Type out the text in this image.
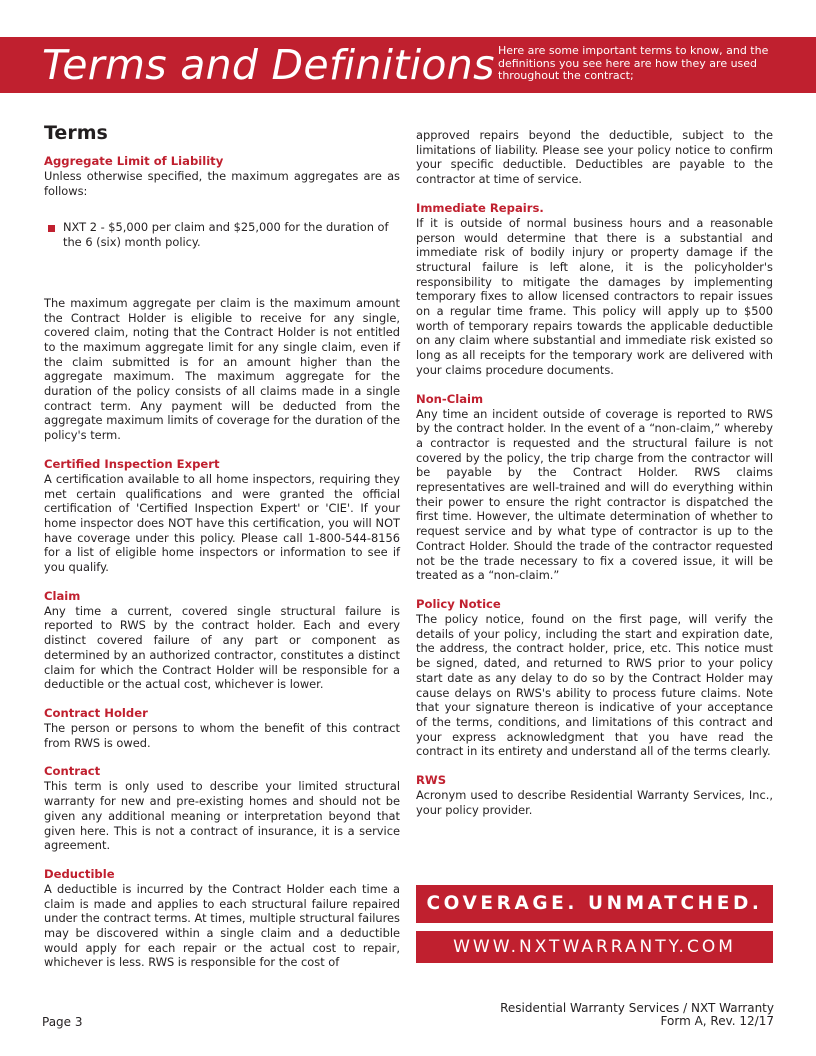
Terms and Definitions Here are some important terms to know, and the definitions you see here are how they are used throughout the contract;
Terms

Aggregate Limit of Liability

Unless otherwise specified, the maximum aggregates are as follows:

NXT 2 - $5,000 per claim and $25,000 for the duration of the 6 (six) month policy.

The maximum aggregate per claim is the maximum amount the Contract Holder is eligible to receive for any single, covered claim, noting that the Contract Holder is not entitled to the maximum aggregate limit for any single claim, even if the claim submitted is for an amount higher than the aggregate maximum. The maximum aggregate for the duration of the policy consists of all claims made in a single contract term. Any payment will be deducted from the aggregate maximum limits of coverage for the duration of the policy's term.

Certified Inspection Expert

A certification available to all home inspectors, requiring they met certain qualifications and were granted the official certification of 'Certified Inspection Expert' or 'CIE'. If your home inspector does NOT have this certification, you will NOT have coverage under this policy. Please call 1-800-544-8156 for a list of eligible home inspectors or information to see if you qualify.

Claim

Any time a current, covered single structural failure is reported to RWS by the contract holder. Each and every distinct covered failure of any part or component as determined by an authorized contractor, constitutes a distinct claim for which the Contract Holder will be responsible for a deductible or the actual cost, whichever is lower.

Contract Holder

The person or persons to whom the benefit of this contract from RWS is owed.

Contract

This term is only used to describe your limited structural warranty for new and pre-existing homes and should not be given any additional meaning or interpretation beyond that given here. This is not a contract of insurance, it is a service agreement.

Deductible

A deductible is incurred by the Contract Holder each time a claim is made and applies to each structural failure repaired under the contract terms. At times, multiple structural failures may be discovered within a single claim and a deductible would apply for each repair or the actual cost to repair, whichever is less. RWS is responsible for the cost of

approved repairs beyond the deductible, subject to the limitations of liability. Please see your policy notice to confirm your specific deductible. Deductibles are payable to the contractor at time of service.

Immediate Repairs.

If it is outside of normal business hours and a reasonable person would determine that there is a substantial and immediate risk of bodily injury or property damage if the structural failure is left alone, it is the policyholder's responsibility to mitigate the damages by implementing temporary fixes to allow licensed contractors to repair issues on a regular time frame. This policy will apply up to $500 worth of temporary repairs towards the applicable deductible on any claim where substantial and immediate risk existed so long as all receipts for the temporary work are delivered with your claims procedure documents.

Non-Claim

Any time an incident outside of coverage is reported to RWS by the contract holder. In the event of a “non-claim,” whereby a contractor is requested and the structural failure is not covered by the policy, the trip charge from the contractor will be payable by the Contract Holder. RWS claims representatives are well-trained and will do everything within their power to ensure the right contractor is dispatched the first time. However, the ultimate determination of whether to request service and by what type of contractor is up to the Contract Holder. Should the trade of the contractor requested not be the trade necessary to fix a covered issue, it will be treated as a “non-claim.”

Policy Notice

The policy notice, found on the first page, will verify the details of your policy, including the start and expiration date, the address, the contract holder, price, etc. This notice must be signed, dated, and returned to RWS prior to your policy start date as any delay to do so by the Contract Holder may cause delays on RWS's ability to process future claims. Note that your signature thereon is indicative of your acceptance of the terms, conditions, and limitations of this contract and your express acknowledgment that you have read the contract in its entirety and understand all of the terms clearly.

RWS

Acronym used to describe Residential Warranty Services, Inc., your policy provider.

COVERAGE. UNMATCHED.
WWW.NXTWARRANTY.COM
Page 3
Residential Warranty Services / NXT Warranty
Form A, Rev. 12/17
